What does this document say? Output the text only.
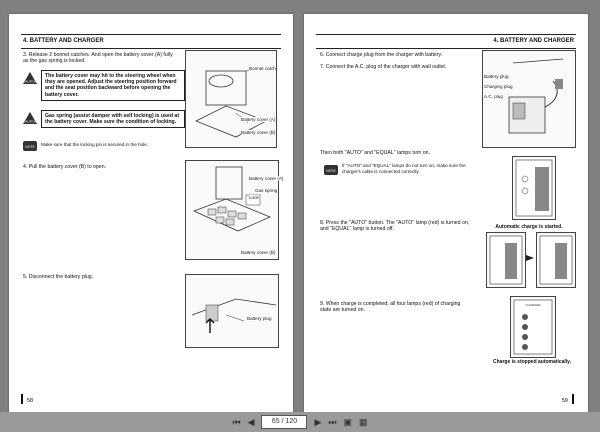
4. BATTERY AND CHARGER
3. Release 2 bonnet catches. And open the battery cover (A) fully as the gas spring is locked.
CAUTION
The battery cover may hit to the steering wheel when they are opened. Adjust the steering position forward and the seat position backward before opening the battery cover.
CAUTION
Gas spring (assist damper with self locking) is used at the battery cover. Make sure the condition of locking.
NOTE Make sure that the locking pin is secured in the hole.
Bonnet catch
Battery cover (A)
Battery cover (B)
4. Pull the battery cover (B) to open.
Battery cover (A)
Gas spring
Lock
Battery cover (B)
5. Disconnect the battery plug.
Battery plug
58
4. BATTERY AND CHARGER
6. Connect charge plug from the charger with battery.
7. Connect the A.C. plug of the charger with wall outlet.
Battery plug
Charging plug
A.C. plug
Then both "AUTO" and "EQUAL" lamps turn on.
NOTE
If "AUTO" and "EQUAL" lamps do not turn on, make sure the charger's cable is connected correctly.
8. Press the "AUTO" button. The "AUTO" lamp (red) is turned on, and "EQUAL" lamp is turned off.	Automatic charge is started.
9. When charge is completed, all four lamps (red) of charging state are turned on.
CHARGER
Charge is stopped automatically.
59
⏮ ◀	65 / 120	▶ ⏭ ▣ ▦
